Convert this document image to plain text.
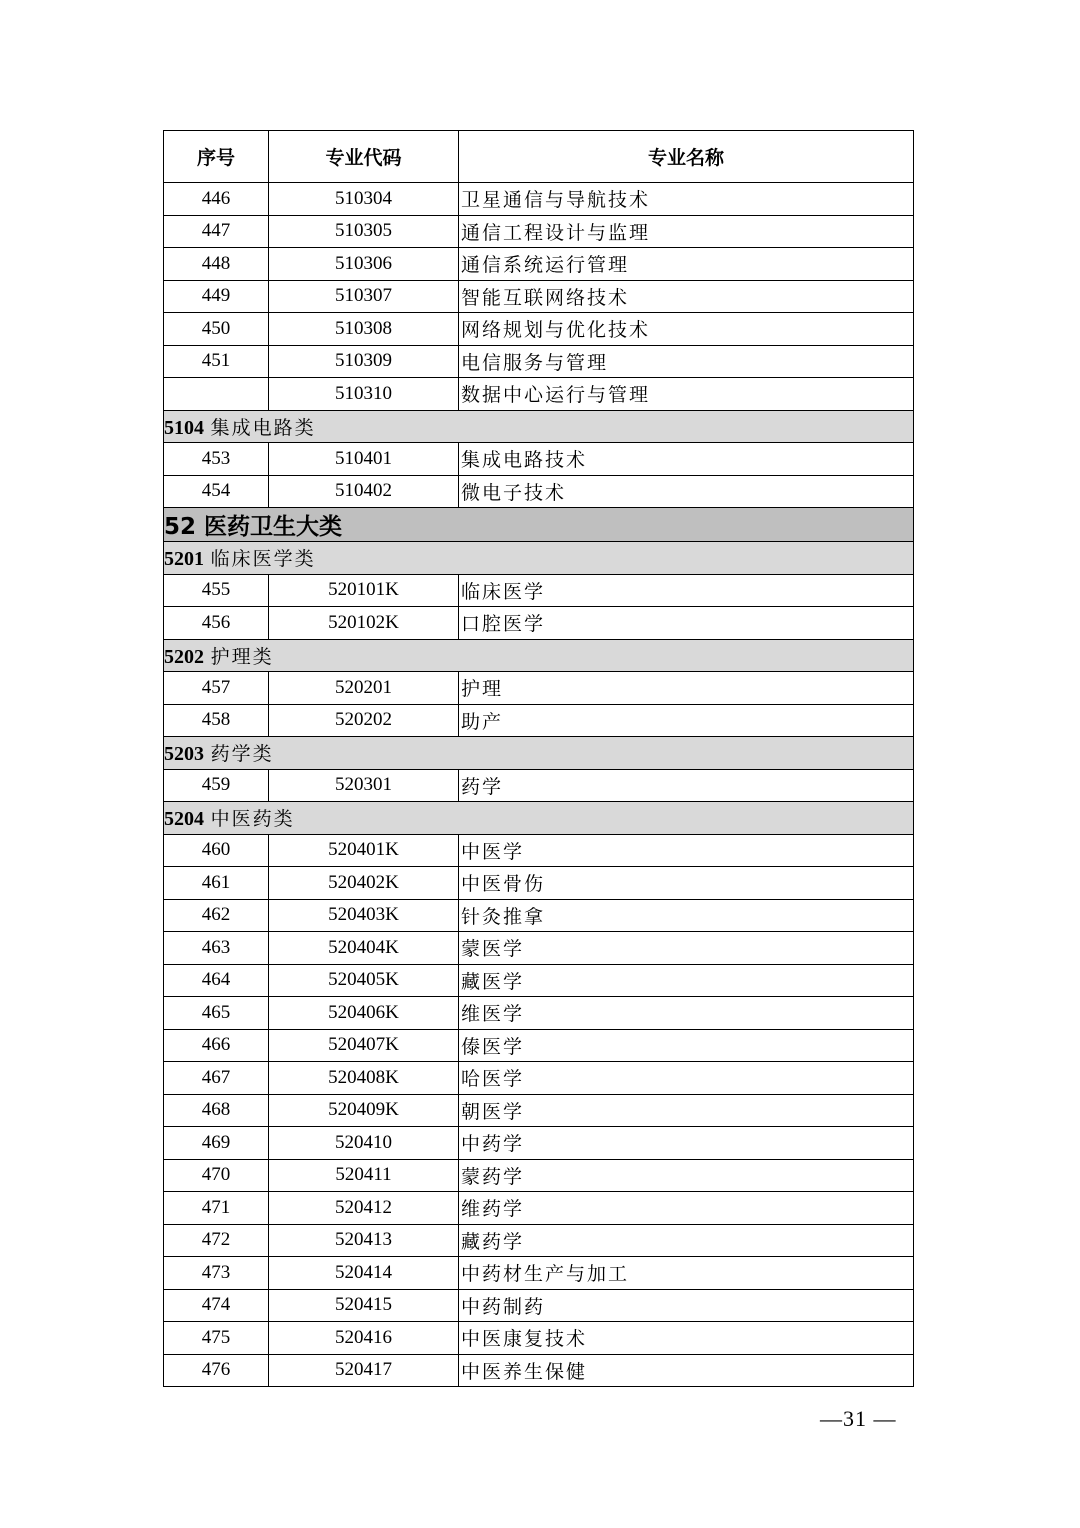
序号	专业代码	专业名称
446	510304	卫星通信与导航技术
447	510305	通信工程设计与监理
448	510306	通信系统运行管理
449	510307	智能互联网络技术
450	510308	网络规划与优化技术
451	510309	电信服务与管理
	510310	数据中心运行与管理
5104 集成电路类		
453	510401	集成电路技术
454	510402	微电子技术
52 医药卫生大类		
5201 临床医学类		
455	520101K	临床医学
456	520102K	口腔医学
5202 护理类		
457	520201	护理
458	520202	助产
5203 药学类		
459	520301	药学
5204 中医药类		
460	520401K	中医学
461	520402K	中医骨伤
462	520403K	针灸推拿
463	520404K	蒙医学
464	520405K	藏医学
465	520406K	维医学
466	520407K	傣医学
467	520408K	哈医学
468	520409K	朝医学
469	520410	中药学
470	520411	蒙药学
471	520412	维药学
472	520413	藏药学
473	520414	中药材生产与加工
474	520415	中药制药
475	520416	中医康复技术
476	520417	中医养生保健
—31 —
